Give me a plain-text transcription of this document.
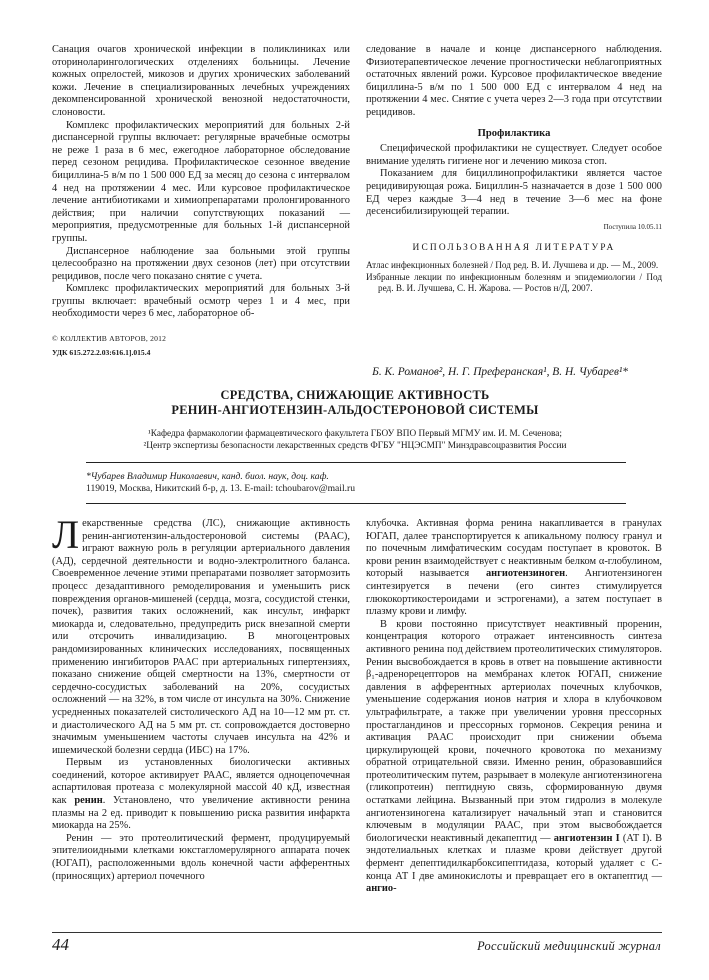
Санация очагов хронической инфекции в поликлиниках или оториноларингологических отделениях больницы. Лечение кожных опрелостей, микозов и других хронических заболеваний кожи. Лечение в специализированных лечебных учреждениях декомпенсированной хронической венозной недостаточности, слоновости.

Комплекс профилактических мероприятий для больных 2-й диспансерной группы включает: регулярные врачебные осмотры не реже 1 раза в 6 мес, ежегодное лабораторное обследование перед сезоном рецидива. Профилактическое сезонное введение бициллина-5 в/м по 1 500 000 ЕД за месяц до сезона с интервалом 4 нед на протяжении 4 мес. Или курсовое профилактическое лечение антибиотиками и химиопрепаратами пролонгированного действия; при наличии сопутствующих показаний — мероприятия, предусмотренные для больных 1-й диспансерной группы.

Диспансерное наблюдение заа больными этой группы целесообразно на протяжении двух сезонов (лет) при отсутствии рецидивов, после чего показано снятие с учета.

Комплекс профилактических мероприятий для больных 3-й группы включает: врачебный осмотр через 1 и 4 мес, при необходимости через 6 мес, лабораторное об-

следование в начале и конце диспансерного наблюдения. Физиотерапевтическое лечение прогностически неблагоприятных остаточных явлений рожи. Курсовое профилактическое введение бициллина-5 в/м по 1 500 000 ЕД с интервалом 4 нед на протяжении 4 мес. Снятие с учета через 2—3 года при отсутствии рецидивов.

Профилактика

Специфической профилактики не существует. Следует особое внимание уделять гигиене ног и лечению микоза стоп.

Показанием для бициллинопрофилактики является частое рецидивирующая рожа. Бициллин-5 назначается в дозе 1 500 000 ЕД через каждые 3—4 нед в течение 3—6 мес на фоне десенсибилизирующей терапии.

Поступила 10.05.11
ИСПОЛЬЗОВАННАЯ ЛИТЕРАТУРА

Атлас инфекционных болезней / Под ред. В. И. Лучшева и др. — М., 2009.

Избранные лекции по инфекционным болезням и эпидемиологии / Под ред. В. И. Лучшева, С. Н. Жарова. — Ростов н/Д, 2007.

© КОЛЛЕКТИВ АВТОРОВ, 2012
УДК 615.272.2.03:616.1].015.4
Б. К. Романов², Н. Г. Преферанская¹, В. Н. Чубарев¹*
СРЕДСТВА, СНИЖАЮЩИЕ АКТИВНОСТЬ
РЕНИН-АНГИОТЕНЗИН-АЛЬДОСТЕРОНОВОЙ СИСТЕМЫ
¹Кафедра фармакологии фармацевтического факультета ГБОУ ВПО Первый МГМУ им. И. М. Сеченова;
²Центр экспертизы безопасности лекарственных средств ФГБУ "НЦЭСМП" Минздравсоцразвития России
*Чубарев Владимир Николаевич, канд. биол. наук, доц. каф.
119019, Москва, Никитский б-р, д. 13. E-mail: tchoubarov@mail.ru

Лекарственные средства (ЛС), снижающие активность ренин-ангиотензин-альдостероновой системы (РААС), играют важную роль в регуляции артериального давления (АД), сердечной деятельности и водно-электролитного баланса. Своевременное лечение этими препаратами позволяет затормозить процесс дезадаптивного ремоделирования и уменьшить риск повреждения органов-мишеней (сердца, мозга, сосудистой стенки, почек), развития таких осложнений, как инсульт, инфаркт миокарда и, следовательно, предупредить риск внезапной смерти или отсрочить инвалидизацию. В многоцентровых рандомизированных клинических исследованиях, посвященных применению ингибиторов РААС при артериальных гипертензиях, показано снижение общей смертности на 13%, смертности от сердечно-сосудистых заболеваний на 20%, сосудистых осложнений — на 32%, в том числе от инсульта на 30%. Снижение усредненных показателей систолического АД на 10—12 мм рт. ст. и диастолического АД на 5 мм рт. ст. сопровождается достоверно значимым уменьшением частоты случаев инсульта на 42% и ишемической болезни сердца (ИБС) на 17%.

Первым из установленных биологически активных соединений, которое активирует РААС, является одноцепочечная аспартиловая протеаза с молекулярной массой 40 кД, известная как ренин. Установлено, что увеличение активности ренина плазмы на 2 ед. приводит к повышению риска развития инфаркта миокарда на 25%.

Ренин — это протеолитический фермент, продуцируемый эпителиоидными клетками юкстагломерулярного аппарата почек (ЮГАП), расположенными вдоль конечной части афферентных (приносящих) артериол почечного

клубочка. Активная форма ренина накапливается в гранулах ЮГАП, далее транспортируется к апикальному полюсу гранул и по почечным лимфатическим сосудам поступает в кровоток. В крови ренин взаимодействует с неактивным белком α-глобулином, который называется ангиотензиноген. Ангиотензиноген синтезируется в печени (его синтез стимулируется глюкокортикостероидами и эстрогенами), а затем поступает в плазму крови и лимфу.

В крови постоянно присутствует неактивный проренин, концентрация которого отражает интенсивность синтеза активного ренина под действием протеолитических стимуляторов. Ренин высвобождается в кровь в ответ на повышение активности β₁-адренорецепторов на мембранах клеток ЮГАП, снижение давления в афферентных артериолах почечных клубочков, уменьшение содержания ионов натрия и хлора в клубочковом ультрафильтрате, а также при увеличении уровня прессорных простагландинов и прессорных гормонов. Секреция ренина и активация РААС происходит при снижении объема циркулирующей крови, почечного кровотока по механизму обратной отрицательной связи. Именно ренин, образовавшийся протеолитическим путем, разрывает в молекуле ангиотензиногена (гликопротеин) пептидную связь, сформированную двумя остатками лейцина. Вызванный при этом гидролиз в молекуле ангиотензиногена катализирует начальный этап и становится ключевым в модуляции РААС, при этом высвобождается биологически неактивный декапептид — ангиотензин I (АТ I). В эндотелиальных клетках и плазме крови действует другой фермент депептидилкарбоксипептидаза, который удаляет с С-конца АТ I две аминокислоты и превращает его в октапептид — ангио-

44	Российский медицинский журнал
